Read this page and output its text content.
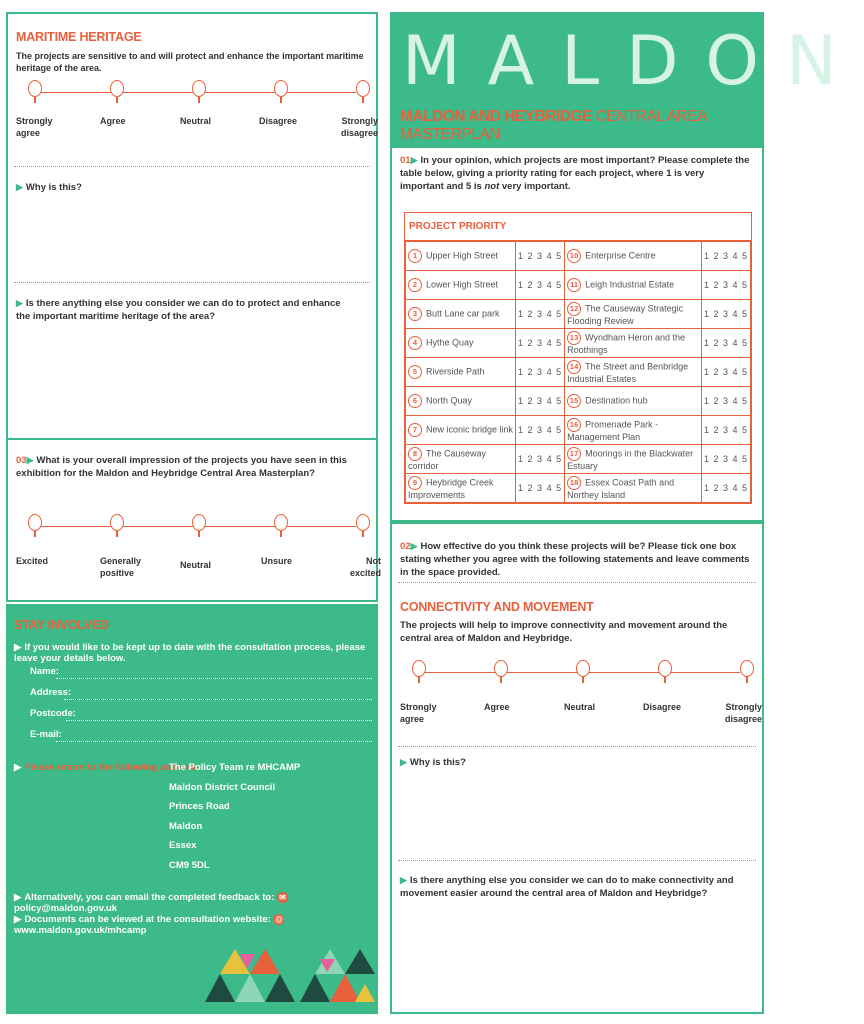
MARITIME HERITAGE
The projects are sensitive to and will protect and enhance the important maritime heritage of the area.
Strongly agree
Agree	Neutral	Disagree	Strongly disagree
▶ Why is this?
▶ Is there anything else you consider we can do to protect and enhance the important maritime heritage of the area?
03▶ What is your overall impression of the projects you have seen in this exhibition for the Maldon and Heybridge Central Area Masterplan?
Excited	Generally positive
Neutral	Unsure	Not excited
STAY INVOLVED
▶ If you would like to be kept up to date with the consultation process, please leave your details below.
Name:
Address:
Postcode:
E-mail:
▶ Please return to the following address:
The Policy Team re MHCAMP
Maldon District Council
Princes Road
Maldon
Essex
CM9 5DL
▶ Alternatively, you can email the completed feedback to: ✉policy@maldon.gov.uk
▶ Documents can be viewed at the consultation website: @www.maldon.gov.uk/mhcamp
MALDON
MALDON AND HEYBRIDGE CENTRAL AREA MASTERPLAN
01▶ In your opinion, which projects are most important? Please complete the table below, giving a priority rating for each project, where 1 is very important and 5 is not very important.
PROJECT PRIORITY
1 Upper High Street	1 2 3 4 5	10 Enterprise Centre	1 2 3 4 5
2 Lower High Street	1 2 3 4 5	11 Leigh Industrial Estate	1 2 3 4 5
3 Butt Lane car park	1 2 3 4 5	12 The Causeway Strategic Flooding Review	1 2 3 4 5
4 Hythe Quay	1 2 3 4 5	13 Wyndham Heron and the Roothings	1 2 3 4 5
5 Riverside Path	1 2 3 4 5	14 The Street and Benbridge Industrial Estates	1 2 3 4 5
6 North Quay	1 2 3 4 5	15 Destination hub	1 2 3 4 5
7 New iconic bridge link	1 2 3 4 5	16 Promenade Park - Management Plan	1 2 3 4 5
8 The Causeway corridor	1 2 3 4 5	17 Moorings in the Blackwater Estuary	1 2 3 4 5
9 Heybridge Creek Improvements	1 2 3 4 5	18 Essex Coast Path and Northey Island	1 2 3 4 5
02▶ How effective do you think these projects will be? Please tick one box stating whether you agree with the following statements and leave comments in the space provided.
CONNECTIVITY AND MOVEMENT
The projects will help to improve connectivity and movement around the central area of Maldon and Heybridge.
Strongly agree
Agree	Neutral	Disagree	Strongly disagree
▶ Why is this?
▶ Is there anything else you consider we can do to make connectivity and movement easier around the central area of Maldon and Heybridge?
